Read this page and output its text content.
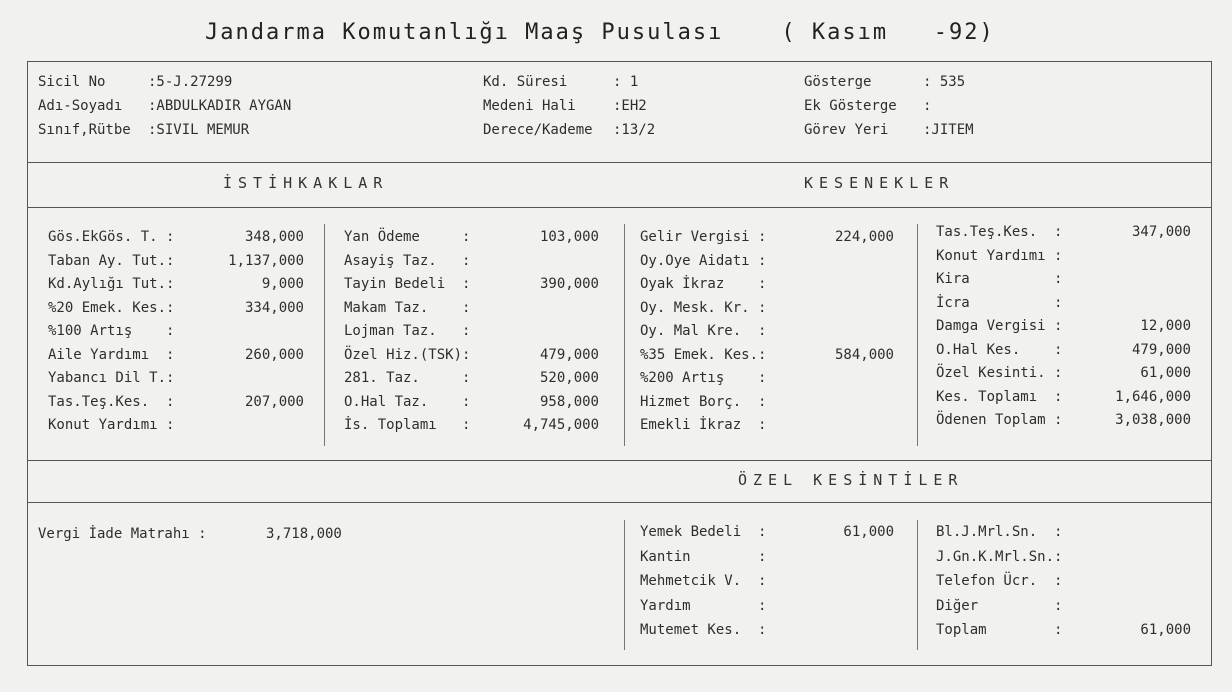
Jandarma Komutanlığı Maaş Pusulası	( Kasım   -92)
Sicil No	:5-J.27299
Adı-Soyadı :ABDULKADIR AYGAN
Sınıf,Rütbe :SIVIL MEMUR
Kd. Süresi	: 1
Medeni Hali	:EH2
Derece/Kademe :13/2
Gösterge	: 535
Ek Gösterge :
Görev Yeri :JITEM
İSTİHKAKLAR	KESENEKLER
ÖZEL KESİNTİLER
Gös.EkGös. T. :	348,000
Taban Ay. Tut.:	1,137,000
Kd.Aylığı Tut.:	9,000
%20 Emek. Kes.:	334,000
%100 Artış    :
Aile Yardımı  :	260,000
Yabancı Dil T.:
Tas.Teş.Kes.  :	207,000
Konut Yardımı :
Yan Ödeme     :	103,000
Asayiş Taz.   :
Tayin Bedeli  :	390,000
Makam Taz.    :
Lojman Taz.   :
Özel Hiz.(TSK):	479,000
281. Taz.     :	520,000
O.Hal Taz.    :	958,000
İs. Toplamı   :	4,745,000
Gelir Vergisi :	224,000
Oy.Oye Aidatı :
Oyak İkraz    :
Oy. Mesk. Kr. :
Oy. Mal Kre.  :
%35 Emek. Kes.:	584,000
%200 Artış    :
Hizmet Borç.  :
Emekli İkraz  :
Tas.Teş.Kes.  :	347,000
Konut Yardımı :
Kira          :
İcra          :
Damga Vergisi :	12,000
O.Hal Kes.    :	479,000
Özel Kesinti. :	61,000
Kes. Toplamı  :	1,646,000
Ödenen Toplam :	3,038,000
Yemek Bedeli  :	61,000
Kantin        :
Mehmetcik V.  :
Yardım        :
Mutemet Kes.  :
Bl.J.Mrl.Sn.  :
J.Gn.K.Mrl.Sn.:
Telefon Ücr.  :
Diğer         :
Toplam        :	61,000
Vergi İade Matrahı :	3,718,000
